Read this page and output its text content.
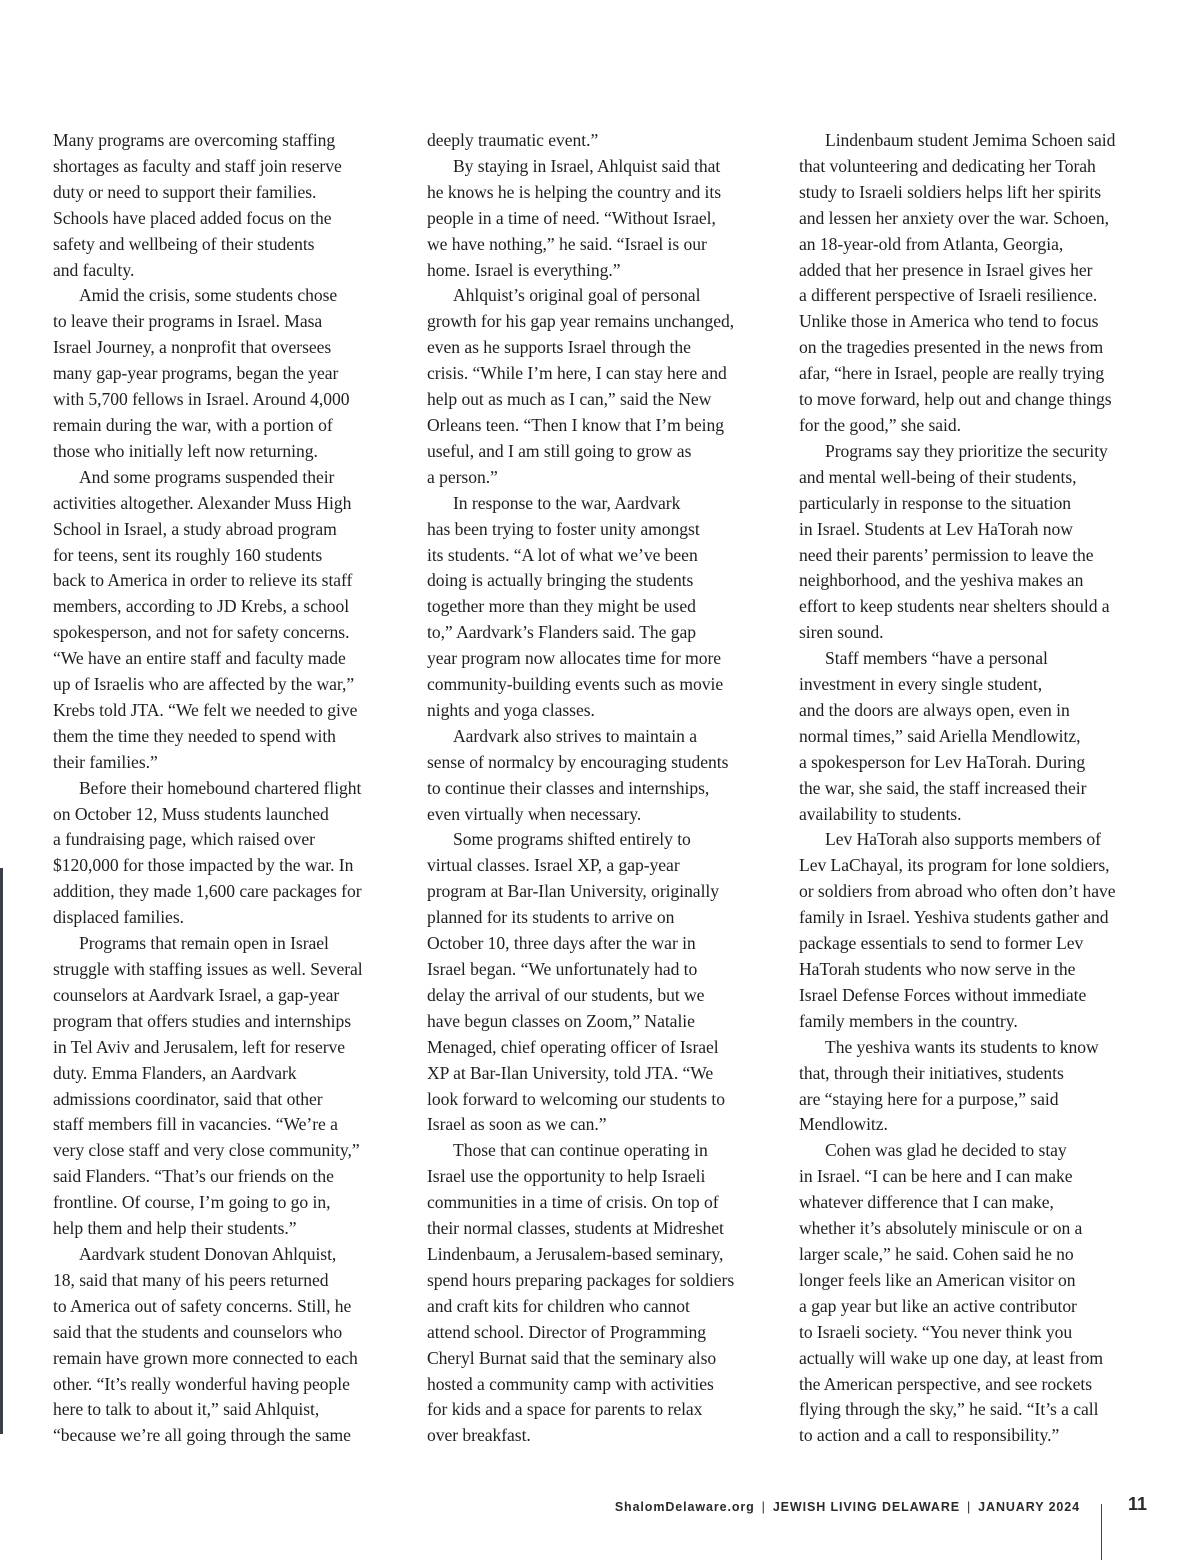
Many programs are overcoming staffing
shortages as faculty and staff join reserve
duty or need to support their families.
Schools have placed added focus on the
safety and wellbeing of their students
and faculty.

Amid the crisis, some students chose
to leave their programs in Israel. Masa
Israel Journey, a nonprofit that oversees
many gap-year programs, began the year
with 5,700 fellows in Israel. Around 4,000
remain during the war, with a portion of
those who initially left now returning.

And some programs suspended their
activities altogether. Alexander Muss High
School in Israel, a study abroad program
for teens, sent its roughly 160 students
back to America in order to relieve its staff
members, according to JD Krebs, a school
spokesperson, and not for safety concerns.
“We have an entire staff and faculty made
up of Israelis who are affected by the war,”
Krebs told JTA. “We felt we needed to give
them the time they needed to spend with
their families.”

Before their homebound chartered flight
on October 12, Muss students launched
a fundraising page, which raised over
$120,000 for those impacted by the war. In
addition, they made 1,600 care packages for
displaced families.

Programs that remain open in Israel
struggle with staffing issues as well. Several
counselors at Aardvark Israel, a gap-year
program that offers studies and internships
in Tel Aviv and Jerusalem, left for reserve
duty. Emma Flanders, an Aardvark
admissions coordinator, said that other
staff members fill in vacancies. “We’re a
very close staff and very close community,”
said Flanders. “That’s our friends on the
frontline. Of course, I’m going to go in,
help them and help their students.”

Aardvark student Donovan Ahlquist,
18, said that many of his peers returned
to America out of safety concerns. Still, he
said that the students and counselors who
remain have grown more connected to each
other. “It’s really wonderful having people
here to talk to about it,” said Ahlquist,
“because we’re all going through the same

deeply traumatic event.”

By staying in Israel, Ahlquist said that
he knows he is helping the country and its
people in a time of need. “Without Israel,
we have nothing,” he said. “Israel is our
home. Israel is everything.”

Ahlquist’s original goal of personal
growth for his gap year remains unchanged,
even as he supports Israel through the
crisis. “While I’m here, I can stay here and
help out as much as I can,” said the New
Orleans teen. “Then I know that I’m being
useful, and I am still going to grow as
a person.”

In response to the war, Aardvark
has been trying to foster unity amongst
its students. “A lot of what we’ve been
doing is actually bringing the students
together more than they might be used
to,” Aardvark’s Flanders said. The gap
year program now allocates time for more
community-building events such as movie
nights and yoga classes.

Aardvark also strives to maintain a
sense of normalcy by encouraging students
to continue their classes and internships,
even virtually when necessary.

Some programs shifted entirely to
virtual classes. Israel XP, a gap-year
program at Bar-Ilan University, originally
planned for its students to arrive on
October 10, three days after the war in
Israel began. “We unfortunately had to
delay the arrival of our students, but we
have begun classes on Zoom,” Natalie
Menaged, chief operating officer of Israel
XP at Bar-Ilan University, told JTA. “We
look forward to welcoming our students to
Israel as soon as we can.”

Those that can continue operating in
Israel use the opportunity to help Israeli
communities in a time of crisis. On top of
their normal classes, students at Midreshet
Lindenbaum, a Jerusalem-based seminary,
spend hours preparing packages for soldiers
and craft kits for children who cannot
attend school. Director of Programming
Cheryl Burnat said that the seminary also
hosted a community camp with activities
for kids and a space for parents to relax
over breakfast.

Lindenbaum student Jemima Schoen said
that volunteering and dedicating her Torah
study to Israeli soldiers helps lift her spirits
and lessen her anxiety over the war. Schoen,
an 18-year-old from Atlanta, Georgia,
added that her presence in Israel gives her
a different perspective of Israeli resilience.
Unlike those in America who tend to focus
on the tragedies presented in the news from
afar, “here in Israel, people are really trying
to move forward, help out and change things
for the good,” she said.

Programs say they prioritize the security
and mental well-being of their students,
particularly in response to the situation
in Israel. Students at Lev HaTorah now
need their parents’ permission to leave the
neighborhood, and the yeshiva makes an
effort to keep students near shelters should a
siren sound.

Staff members “have a personal
investment in every single student,
and the doors are always open, even in
normal times,” said Ariella Mendlowitz,
a spokesperson for Lev HaTorah. During
the war, she said, the staff increased their
availability to students.

Lev HaTorah also supports members of
Lev LaChayal, its program for lone soldiers,
or soldiers from abroad who often don’t have
family in Israel. Yeshiva students gather and
package essentials to send to former Lev
HaTorah students who now serve in the
Israel Defense Forces without immediate
family members in the country.

The yeshiva wants its students to know
that, through their initiatives, students
are “staying here for a purpose,” said
Mendlowitz.

Cohen was glad he decided to stay
in Israel. “I can be here and I can make
whatever difference that I can make,
whether it’s absolutely miniscule or on a
larger scale,” he said. Cohen said he no
longer feels like an American visitor on
a gap year but like an active contributor
to Israeli society. “You never think you
actually will wake up one day, at least from
the American perspective, and see rockets
flying through the sky,” he said. “It’s a call
to action and a call to responsibility.”

ShalomDelaware.org | JEWISH LIVING DELAWARE | JANUARY 2024	11
